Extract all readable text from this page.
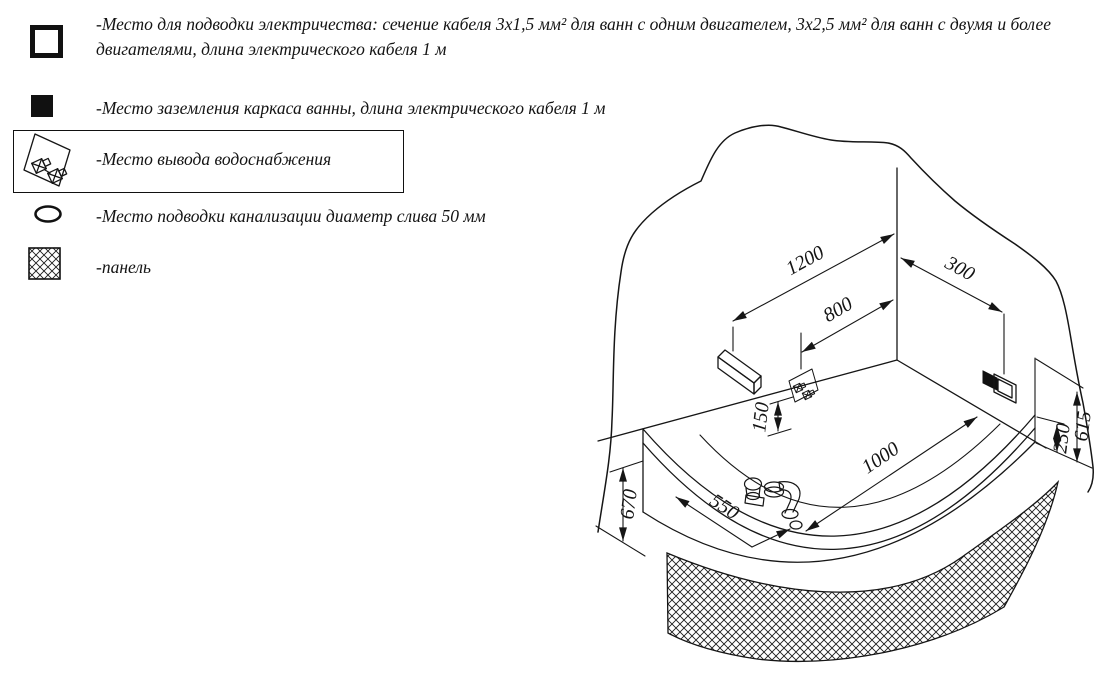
-Место для подводки электричества: сечение кабеля 3х1,5 мм² для ванн с одним двигателем, 3х2,5 мм² для ванн с двумя и более двигателями, длина электрического кабеля 1 м
-Место заземления каркаса ванны, длина электрического кабеля 1 м
-Место вывода водоснабжения
-Место подводки канализации диаметр слива 50 мм
-панель	1200	300
800
150
670	550
1000
615
250
